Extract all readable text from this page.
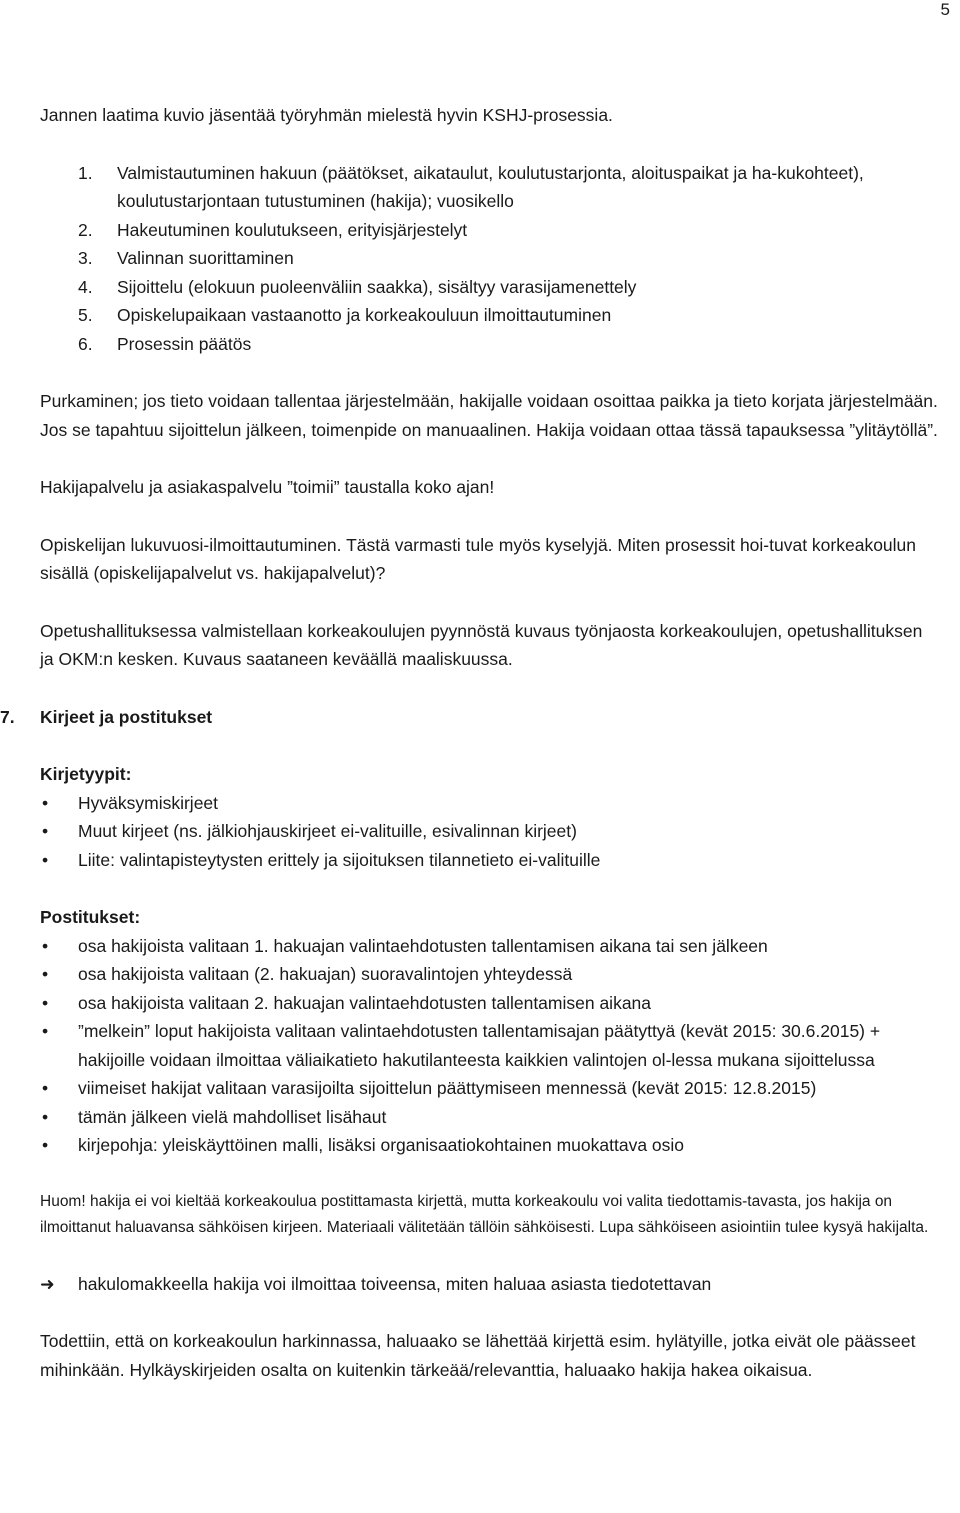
5

Jannen laatima kuvio jäsentää työryhmän mielestä hyvin KSHJ-prosessia.

1. Valmistautuminen hakuun (päätökset, aikataulut, koulutustarjonta, aloituspaikat ja ha-kukohteet), koulutustarjontaan tutustuminen (hakija); vuosikello
2. Hakeutuminen koulutukseen, erityisjärjestelyt
3. Valinnan suorittaminen
4. Sijoittelu (elokuun puoleenväliin saakka), sisältyy varasijamenettely
5. Opiskelupaikaan vastaanotto ja korkeakouluun ilmoittautuminen
6. Prosessin päätös

Purkaminen; jos tieto voidaan tallentaa järjestelmään, hakijalle voidaan osoittaa paikka ja tieto korjata järjestelmään. Jos se tapahtuu sijoittelun jälkeen, toimenpide on manuaalinen. Hakija voidaan ottaa tässä tapauksessa ”ylitäytöllä”.

Hakijapalvelu ja asiakaspalvelu ”toimii” taustalla koko ajan!

Opiskelijan lukuvuosi-ilmoittautuminen. Tästä varmasti tule myös kyselyjä. Miten prosessit hoi-tuvat korkeakoulun sisällä (opiskelijapalvelut vs. hakijapalvelut)?

Opetushallituksessa valmistellaan korkeakoulujen pyynnöstä kuvaus työnjaosta korkeakoulujen, opetushallituksen ja OKM:n kesken. Kuvaus saataneen keväällä maaliskuussa.

7. Kirjeet ja postitukset

Kirjetyypit:

• Hyväksymiskirjeet
• Muut kirjeet (ns. jälkiohjauskirjeet ei-valituille, esivalinnan kirjeet)
• Liite: valintapisteytysten erittely ja sijoituksen tilannetieto ei-valituille

Postitukset:

• osa hakijoista valitaan 1. hakuajan valintaehdotusten tallentamisen aikana tai sen jälkeen
• osa hakijoista valitaan (2. hakuajan) suoravalintojen yhteydessä
• osa hakijoista valitaan 2. hakuajan valintaehdotusten tallentamisen aikana
• ”melkein” loput hakijoista valitaan valintaehdotusten tallentamisajan päätyttyä (kevät 2015: 30.6.2015) + hakijoille voidaan ilmoittaa väliaikatieto hakutilanteesta kaikkien valintojen ol-lessa mukana sijoittelussa
• viimeiset hakijat valitaan varasijoilta sijoittelun päättymiseen mennessä (kevät 2015: 12.8.2015)
• tämän jälkeen vielä mahdolliset lisähaut
• kirjepohja: yleiskäyttöinen malli, lisäksi organisaatiokohtainen muokattava osio

Huom! hakija ei voi kieltää korkeakoulua postittamasta kirjettä, mutta korkeakoulu voi valita tiedottamis-tavasta, jos hakija on ilmoittanut haluavansa sähköisen kirjeen. Materiaali välitetään tällöin sähköisesti. Lupa sähköiseen asiointiin tulee kysyä hakijalta.

➜ hakulomakkeella hakija voi ilmoittaa toiveensa, miten haluaa asiasta tiedotettavan

Todettiin, että on korkeakoulun harkinnassa, haluaako se lähettää kirjettä esim. hylätyille, jotka eivät ole päässeet mihinkään. Hylkäyskirjeiden osalta on kuitenkin tärkeää/relevanttia, haluaako hakija hakea oikaisua.
